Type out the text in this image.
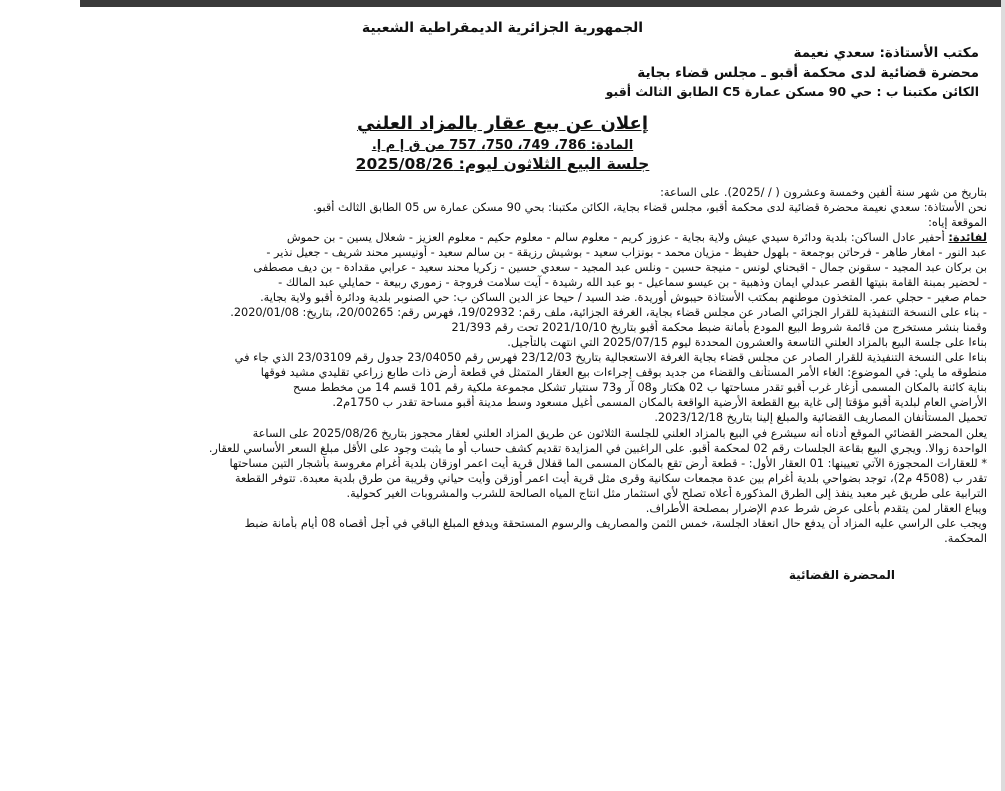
الجمهورية الجزائرية الديمقراطية الشعبية
مكتب الأستاذة: سعدي نعيمة
محضرة قضائية لدى محكمة أقبو ـ مجلس قضاء بجاية
الكائن مكتبنا ب : حي 90 مسكن عمارة C5 الطابق الثالث أقبو
إعلان عن بيع عقار بالمزاد العلني
المادة: 786، 749، 750، 757 من ق إ م إ.
جلسة البيع الثلاثون ليوم: 2025/08/26
بتاريخ من شهر سنة ألفين وخمسة وعشرون ( / /2025). على الساعة:
نحن الأستاذة: سعدي نعيمة محضرة قضائية لدى محكمة أقبو، مجلس قضاء بجاية، الكائن مكتبنا: بحي 90 مسكن عمارة س 05 الطابق الثالث أقبو.
الموقعة إياه:
لفائدة: أحفير عادل الساكن: بلدية ودائرة سيدي عيش ولاية بجاية - عزوز كريم - معلوم سالم - معلوم حكيم - معلوم العزيز - شعلال يسين - بن حموش
عبد النور - امغار طاهر - فرحاتن بوجمعة - بلهول حفيظ - مزيان محمد - بونزاب سعيد - بوشيش رزيقة - بن سالم سعيد - أونيسير محند شريف - جعيل نذير -
بن بركان عبد المجيد - سقونن جمال - اقبحناي لونس - منيجة حسين - ونلس عبد المجيد - سعدي حسين - زكريا محند سعيد - عرابي مقدادة - بن ديف مصطفى
- لحضير بمبنة القامة بنيتها القصر عبدلي ايمان وذهبية - بن عيسو سماعيل - بو عبد الله رشيدة - آيت سلامت فروجة - زموري ربيعة - حمايلي عبد المالك -
حمام صغير - حجلي عمر. المتخذون موطنهم بمكتب الأستاذة حيبوش أوريدة. ضد السيد / حيحا عز الدين الساكن ب: حي الصنوبر بلدية ودائرة أقبو ولاية بجاية.
- بناء على النسخة التنفيذية للقرار الجزائي الصادر عن مجلس قضاء بجاية، الغرفة الجزائية، ملف رقم: 19/02932، فهرس رقم: 20/00265، بتاريخ: 2020/01/08.
وقمنا بنشر مستخرج من قائمة شروط البيع المودع بأمانة ضبط محكمة أقبو بتاريخ 2021/10/10 تحت رقم 21/393
بناءا على جلسة البيع بالمزاد العلني التاسعة والعشرون المحددة ليوم 2025/07/15 التي انتهت بالتأجيل.
بناءا على النسخة التنفيذية للقرار الصادر عن مجلس قضاء بجاية الغرفة الاستعجالية بتاريخ 23/12/03 فهرس رقم 23/04050 جدول رقم 23/03109 الذي جاء في
منطوقه ما يلي: في الموضوع: الغاء الأمر المستأنف والقضاء من جديد بوقف إجراءات بيع العقار المتمثل في قطعة أرض ذات طابع زراعي تقليدي مشيد فوقها
بناية كائنة بالمكان المسمى أزغار غرب أقبو تقدر مساحتها ب 02 هكتار و08 آر و73 سنتيار تشكل مجموعة ملكية رقم 101 قسم 14 من مخطط مسح
الأراضي العام لبلدية أقبو مؤقتا إلى غاية بيع القطعة الأرضية الواقعة بالمكان المسمى أغيل مسعود وسط مدينة أقبو مساحة تقدر ب 1750م2.
تحميل المستأنفان المصاريف القضائية والمبلغ إلينا بتاريخ 2023/12/18.
يعلن المحضر القضائي الموقع أدناه أنه سيشرع في البيع بالمزاد العلني للجلسة الثلاثون عن طريق المزاد العلني لعقار محجوز بتاريخ 2025/08/26 على الساعة
الواحدة زوالا. ويجري البيع بقاعة الجلسات رقم 02 لمحكمة أقبو. على الراغبين في المزايدة تقديم كشف حساب أو ما يثبت وجود على الأقل مبلغ السعر الأساسي للعقار.
* للعقارات المحجوزة الآتي تعيينها: 01 العقار الأول: - قطعة أرض تقع بالمكان المسمى الما قفلال قرية أيت اعمر اوزقان بلدية أغرام مغروسة بأشجار التين مساحتها
تقدر ب (4508 م2)، توجد بضواحي بلدية أغرام بين عدة مجمعات سكانية وقرى مثل قرية أيت اعمر أوزقن وأيت حياني وقريبة من طرق بلدية معبدة. تتوفر القطعة
الترابية على طريق غير معبد ينفذ إلى الطرق المذكورة أعلاه تصلح لأي استثمار مثل انتاج المياه الصالحة للشرب والمشروبات الغير كحولية.
ويباع العقار لمن يتقدم بأعلى عرض شرط عدم الإضرار بمصلحة الأطراف.
ويجب على الراسي عليه المزاد أن يدفع حال انعقاد الجلسة، خمس الثمن والمصاريف والرسوم المستحقة ويدفع المبلغ الباقي في أجل أقصاه 08 أيام بأمانة ضبط
المحكمة.
المحضرة القضائية
